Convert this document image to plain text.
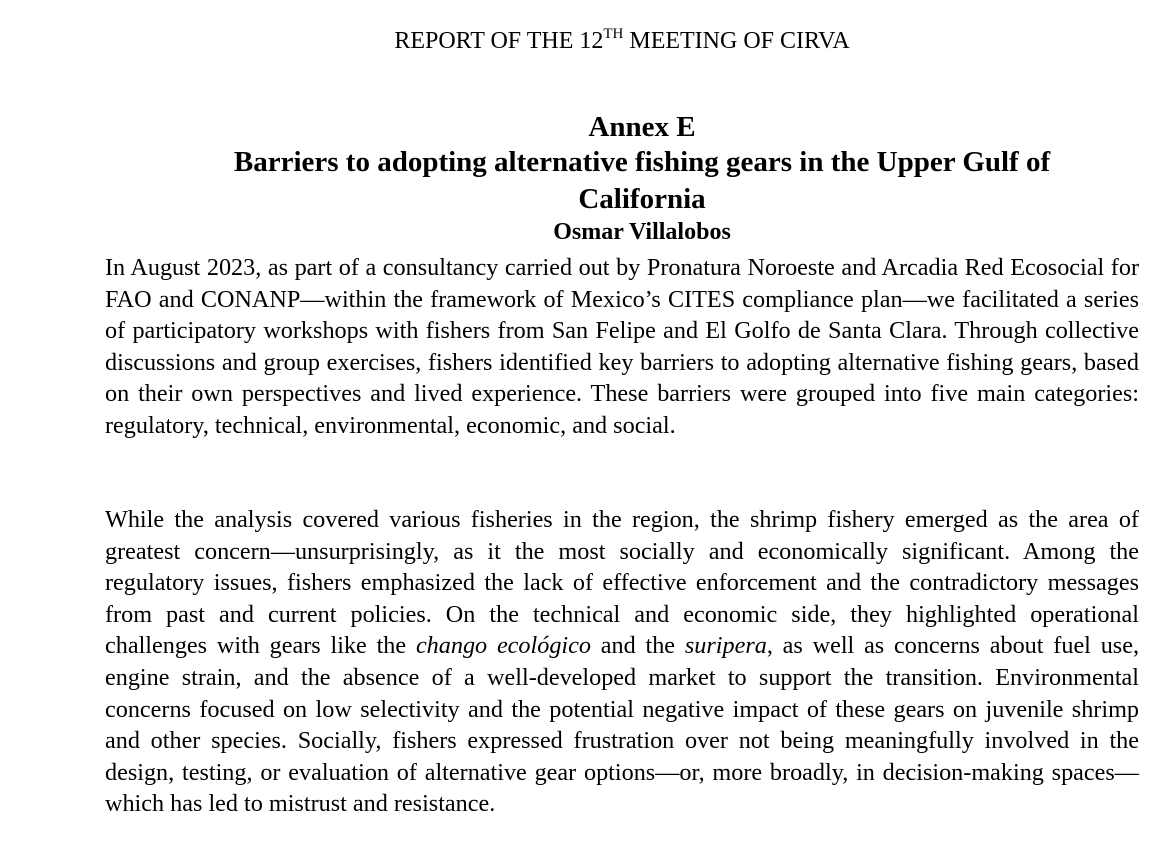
REPORT OF THE 12TH MEETING OF CIRVA
Annex E
Barriers to adopting alternative fishing gears in the Upper Gulf of California
Osmar Villalobos

In August 2023, as part of a consultancy carried out by Pronatura Noroeste and Arcadia Red Ecosocial for FAO and CONANP—within the framework of Mexico’s CITES compliance plan—we facilitated a series of participatory workshops with fishers from San Felipe and El Golfo de Santa Clara. Through collective discussions and group exercises, fishers identified key barriers to adopting alternative fishing gears, based on their own perspectives and lived experience. These barriers were grouped into five main categories: regulatory, technical, environmental, economic, and social.

While the analysis covered various fisheries in the region, the shrimp fishery emerged as the area of greatest concern—unsurprisingly, as it the most socially and economically significant. Among the regulatory issues, fishers emphasized the lack of effective enforcement and the contradictory messages from past and current policies. On the technical and economic side, they highlighted operational challenges with gears like the chango ecológico and the suripera, as well as concerns about fuel use, engine strain, and the absence of a well-developed market to support the transition. Environmental concerns focused on low selectivity and the potential negative impact of these gears on juvenile shrimp and other species. Socially, fishers expressed frustration over not being meaningfully involved in the design, testing, or evaluation of alternative gear options—or, more broadly, in decision-making spaces—which has led to mistrust and resistance.
